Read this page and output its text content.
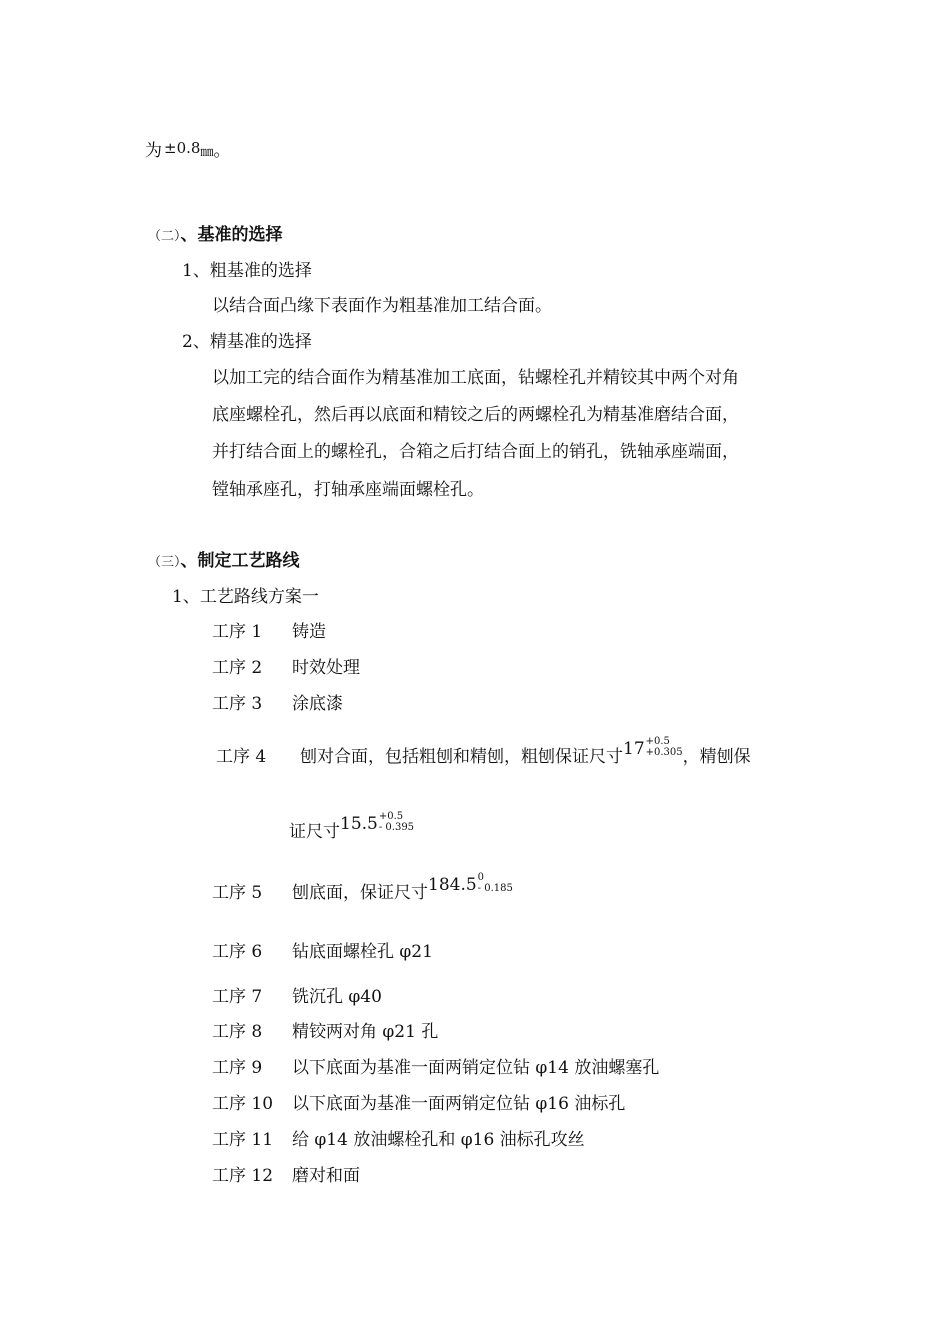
为 ±0.8㎜。
（二）、基准的选择
1、粗基准的选择
以结合面凸缘下表面作为粗基准加工结合面。
2、精基准的选择
以加工完的结合面作为精基准加工底面，钻螺栓孔并精铰其中两个对角
底座螺栓孔，然后再以底面和精铰之后的两螺栓孔为精基准磨结合面，
并打结合面上的螺栓孔，合箱之后打结合面上的销孔，铣轴承座端面，
镗轴承座孔，打轴承座端面螺栓孔。
（三）、制定工艺路线
1、工艺路线方案一
工序 1 铸造
工序 2 时效处理
工序 3 涂底漆
工序 4 刨对合面，包括粗刨和精刨，粗刨保证尺寸17 +0.5
+0.305 ，精刨保
证尺寸15.5 +0.5
- 0.395
工序 5 刨底面，保证尺寸184.5 0
- 0.185
工序 6 钻底面螺栓孔 φ21
工序 7 铣沉孔 φ40
工序 8 精铰两对角 φ21 孔
工序 9 以下底面为基准一面两销定位钻 φ14 放油螺塞孔
工序 10 以下底面为基准一面两销定位钻 φ16 油标孔
工序 11 给 φ14 放油螺栓孔和 φ16 油标孔攻丝
工序 12 磨对和面
